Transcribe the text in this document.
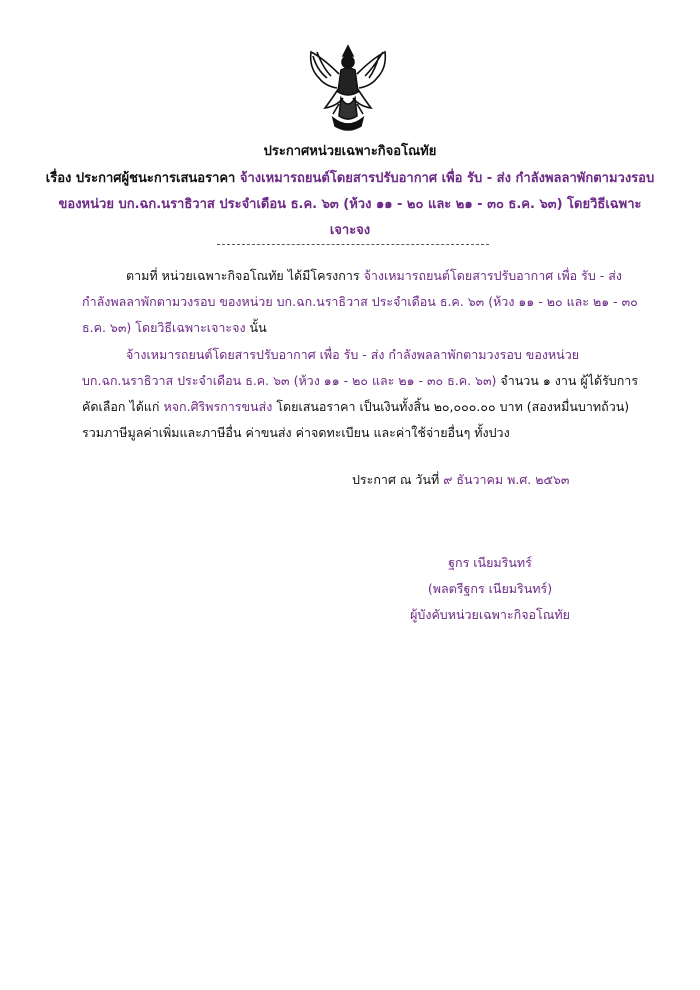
ประกาศหน่วยเฉพาะกิจอโณทัย
เรื่อง ประกาศผู้ชนะการเสนอราคา จ้างเหมารถยนต์โดยสารปรับอากาศ เพื่อ รับ - ส่ง กำลังพลลาพักตามวงรอบ
ของหน่วย บก.ฉก.นราธิวาส ประจำเดือน ธ.ค. ๖๓ (ห้วง ๑๑ - ๒๐ และ ๒๑ - ๓๐ ธ.ค. ๖๓) โดยวิธีเฉพาะ
เจาะจง
ตามที่ หน่วยเฉพาะกิจอโณทัย ได้มีโครงการ จ้างเหมารถยนต์โดยสารปรับอากาศ เพื่อ รับ - ส่ง กำลังพลลาพักตามวงรอบ ของหน่วย บก.ฉก.นราธิวาส ประจำเดือน ธ.ค. ๖๓ (ห้วง ๑๑ - ๒๐ และ ๒๑ - ๓๐ ธ.ค. ๖๓) โดยวิธีเฉพาะเจาะจง นั้น
จ้างเหมารถยนต์โดยสารปรับอากาศ เพื่อ รับ - ส่ง กำลังพลลาพักตามวงรอบ ของหน่วย บก.ฉก.นราธิวาส ประจำเดือน ธ.ค. ๖๓ (ห้วง ๑๑ - ๒๐ และ ๒๑ - ๓๐ ธ.ค. ๖๓) จำนวน ๑ งาน ผู้ได้รับการคัดเลือก ได้แก่ หจก.ศิริพรการขนส่ง โดยเสนอราคา เป็นเงินทั้งสิ้น ๒๐,๐๐๐.๐๐ บาท (สองหมื่นบาทถ้วน) รวมภาษีมูลค่าเพิ่มและภาษีอื่น ค่าขนส่ง ค่าจดทะเบียน และค่าใช้จ่ายอื่นๆ ทั้งปวง
ประกาศ ณ วันที่ ๙ ธันวาคม พ.ศ. ๒๕๖๓
ฐกร เนียมรินทร์
(พลตรีฐกร เนียมรินทร์)
ผู้บังคับหน่วยเฉพาะกิจอโณทัย
